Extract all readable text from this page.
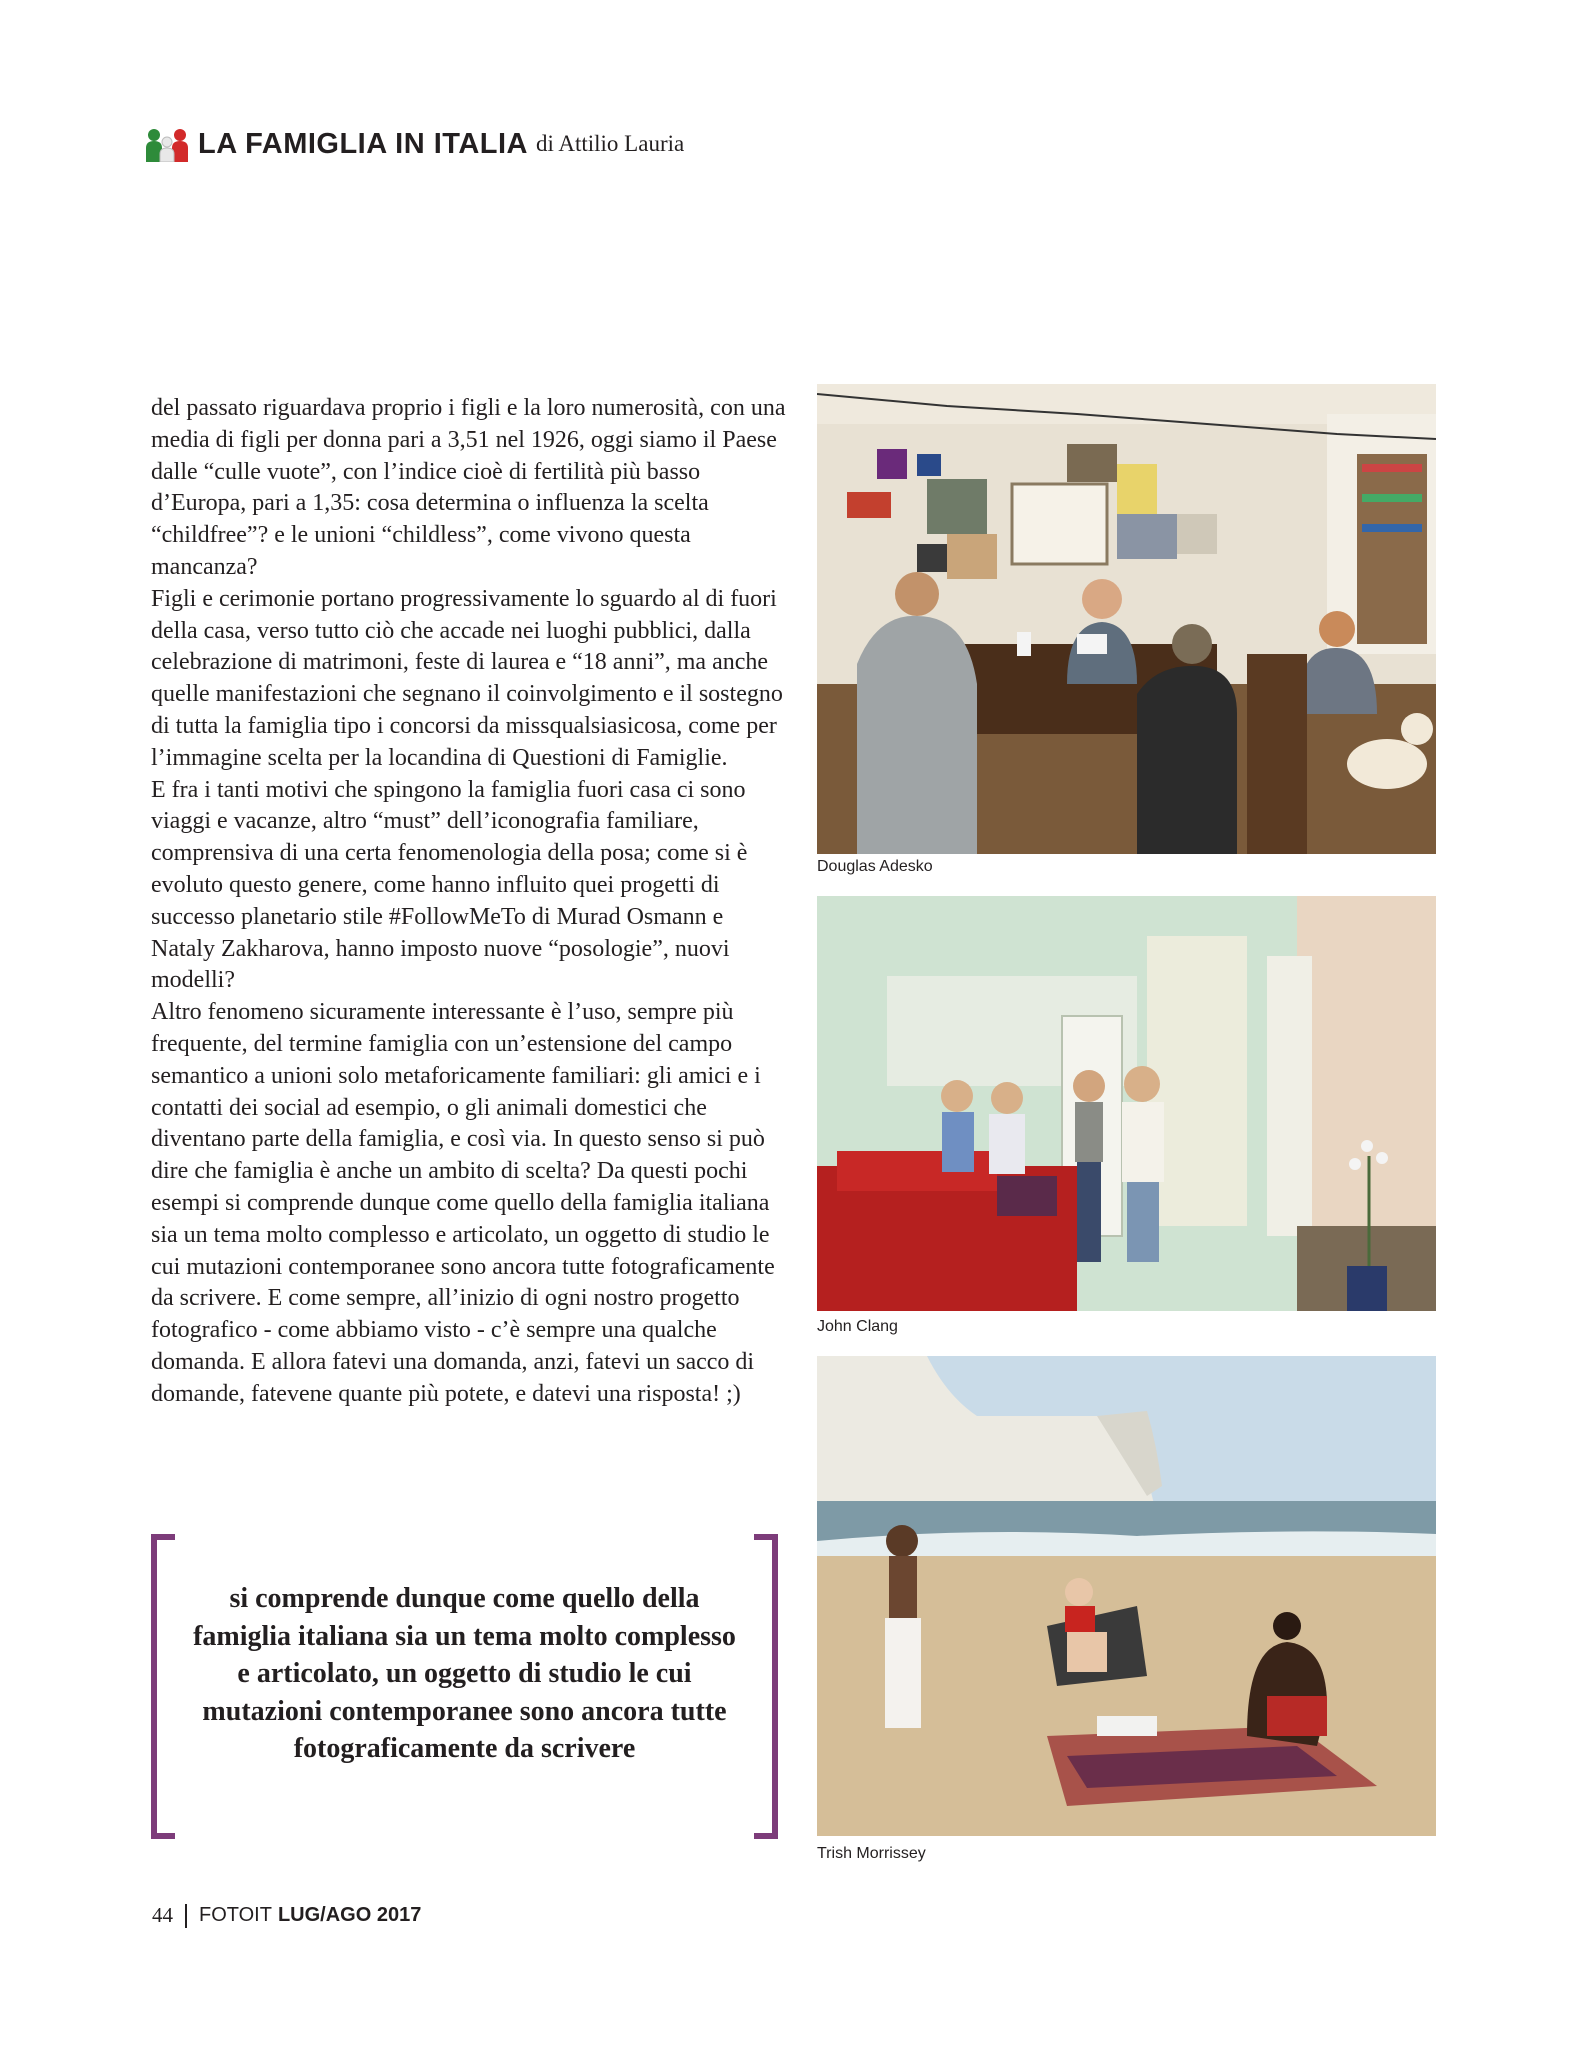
LA FAMIGLIA IN ITALIA di Attilio Lauria

del passato riguardava proprio i figli e la loro numerosità, con una media di figli per donna pari a 3,51 nel 1926, oggi siamo il Paese dalle “culle vuote”, con l’indice cioè di fertilità più basso d’Europa, pari a 1,35: cosa determina o influenza la scelta “childfree”? e le unioni “childless”, come vivono questa mancanza?

Figli e cerimonie portano progressivamente lo sguardo al di fuori della casa, verso tutto ciò che accade nei luoghi pubblici, dalla celebrazione di matrimoni, feste di laurea e “18 anni”, ma anche quelle manifestazioni che segnano il coinvolgimento e il sostegno di tutta la famiglia tipo i concorsi da missqualsiasicosa, come per l’immagine scelta per la locandina di Questioni di Famiglie.

E fra i tanti motivi che spingono la famiglia fuori casa ci sono viaggi e vacanze, altro “must” dell’iconografia familiare, comprensiva di una certa fenomenologia della posa; come si è evoluto questo genere, come hanno influito quei progetti di successo planetario stile #FollowMeTo di Murad Osmann e Nataly Zakharova, hanno imposto nuove “posologie”, nuovi modelli?

Altro fenomeno sicuramente interessante è l’uso, sempre più frequente, del termine famiglia con un’estensione del campo semantico a unioni solo metaforicamente familiari: gli amici e i contatti dei social ad esempio, o gli animali domestici che diventano parte della famiglia, e così via. In questo senso si può dire che famiglia è anche un ambito di scelta? Da questi pochi esempi si comprende dunque come quello della famiglia italiana sia un tema molto complesso e articolato, un oggetto di studio le cui mutazioni contemporanee sono ancora tutte fotograficamente da scrivere. E come sempre, all’inizio di ogni nostro progetto fotografico - come abbiamo visto - c’è sempre una qualche domanda. E allora fatevi una domanda, anzi, fatevi un sacco di domande, fatevene quante più potete, e datevi una risposta! ;)

si comprende dunque come quello della famiglia italiana sia un tema molto complesso e articolato, un oggetto di studio le cui mutazioni contemporanee sono ancora tutte fotograficamente da scrivere
Douglas Adesko
John Clang
Trish Morrissey
44 FOTOIT LUG/AGO 2017
